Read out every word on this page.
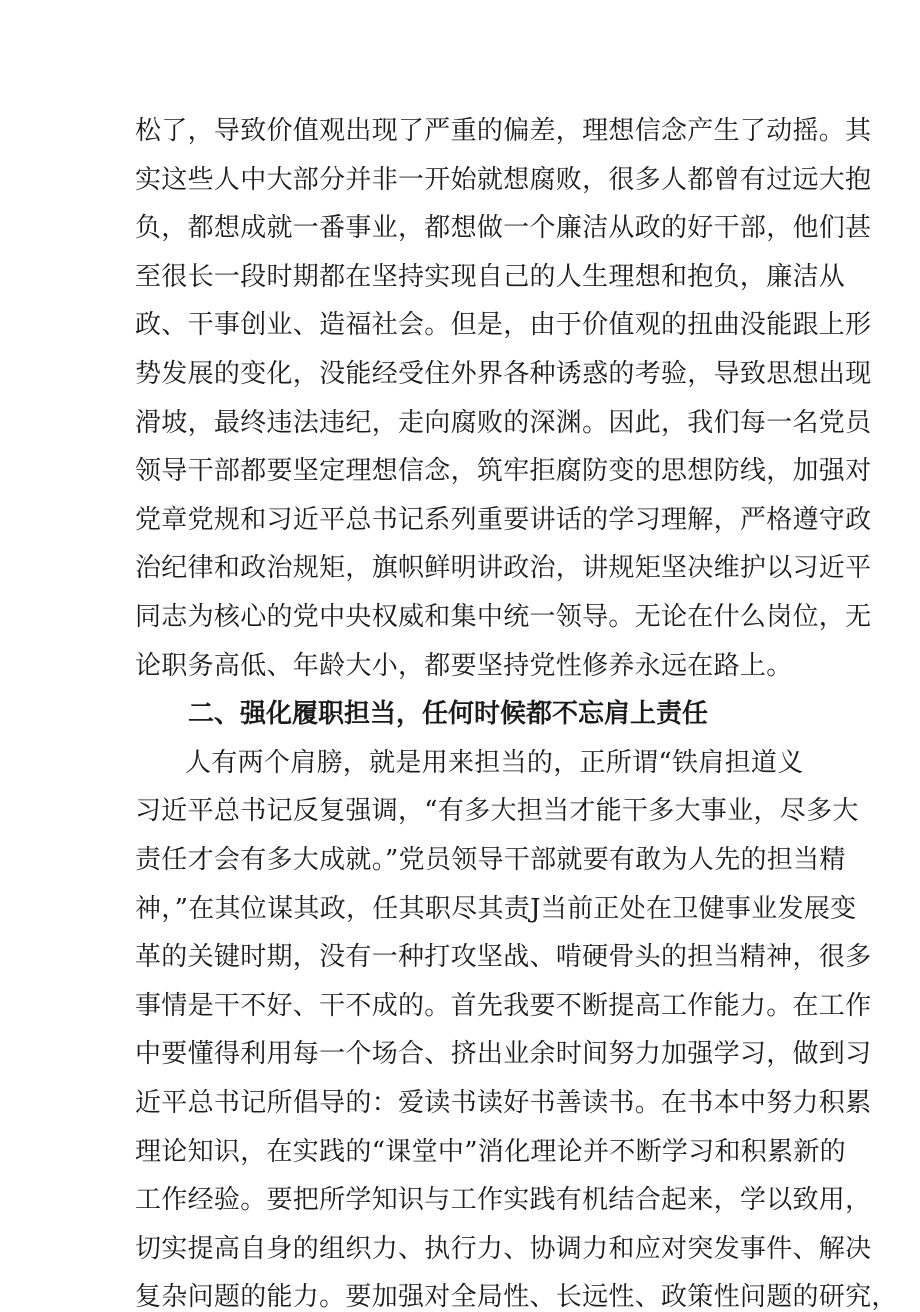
松了，导致价值观出现了严重的偏差，理想信念产生了动摇。其
实这些人中大部分并非一开始就想腐败，很多人都曾有过远大抱
负，都想成就一番事业，都想做一个廉洁从政的好干部，他们甚
至很长一段时期都在坚持实现自己的人生理想和抱负，廉洁从
政、干事创业、造福社会。但是，由于价值观的扭曲没能跟上形
势发展的变化，没能经受住外界各种诱惑的考验，导致思想出现
滑坡，最终违法违纪，走向腐败的深渊。因此，我们每一名党员
领导干部都要坚定理想信念，筑牢拒腐防变的思想防线，加强对
党章党规和习近平总书记系列重要讲话的学习理解，严格遵守政
治纪律和政治规矩，旗帜鲜明讲政治，讲规矩坚决维护以习近平
同志为核心的党中央权威和集中统一领导。无论在什么岗位，无
论职务高低、年龄大小，都要坚持党性修养永远在路上。
二、强化履职担当，任何时候都不忘肩上责任
人有两个肩膀，就是用来担当的，正所谓“铁肩担道义
习近平总书记反复强调，“有多大担当才能干多大事业，尽多大
责任才会有多大成就。”党员领导干部就要有敢为人先的担当精
神，”在其位谋其政，任其职尽其责J当前正处在卫健事业发展变
革的关键时期，没有一种打攻坚战、啃硬骨头的担当精神，很多
事情是干不好、干不成的。首先我要不断提高工作能力。在工作
中要懂得利用每一个场合、挤出业余时间努力加强学习，做到习
近平总书记所倡导的：爱读书读好书善读书。在书本中努力积累
理论知识，在实践的“课堂中”消化理论并不断学习和积累新的
工作经验。要把所学知识与工作实践有机结合起来，学以致用，
切实提高自身的组织力、执行力、协调力和应对突发事件、解决
复杂问题的能力。要加强对全局性、长远性、政策性问题的研究，
